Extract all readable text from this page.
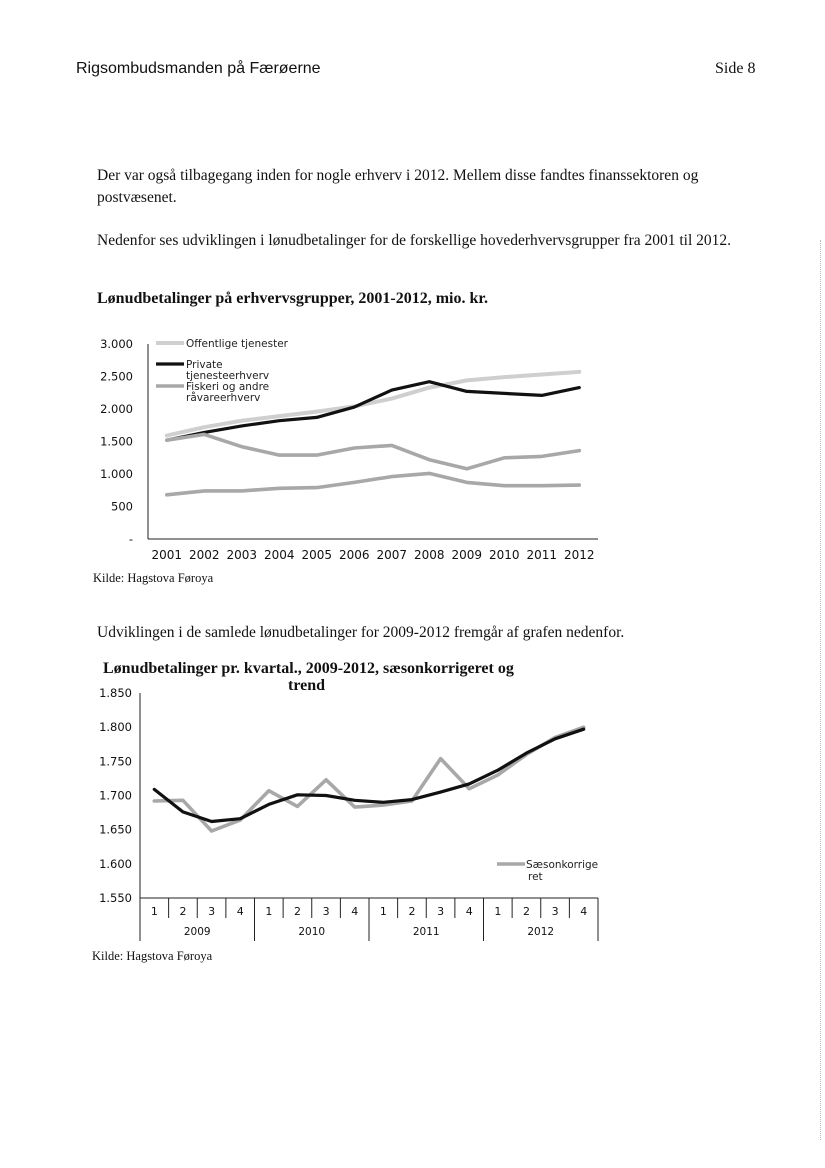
Rigsombudsmanden på Færøerne	Side 8

Der var også tilbagegang inden for nogle erhverv i 2012. Mellem disse fandtes finanssektoren og postvæsenet.

Nedenfor ses udviklingen i lønudbetalinger for de forskellige hovederhvervsgrupper fra 2001 til 2012.

Lønudbetalinger på erhvervsgrupper, 2001-2012, mio. kr.

-
500
1.000
1.500
2.000
2.500
3.000
2001 2002 2003 2004 2005 2006 2007 2008 2009 2010 2011 2012
Offentlige tjenester
Private
tjenesteerhverv
Fiskeri og andre
råvareerhverv
Kilde: Hagstova Føroya

Udviklingen i de samlede lønudbetalinger for 2009-2012 fremgår af grafen nedenfor.

Lønudbetalinger pr. kvartal., 2009-2012, sæsonkorrigeret og

trend

1.550
1.600
1.650
1.700
1.750
1.800
1.850
1 2 3 4 1 2 3 4 1 2 3 4 1 2 3 4
2009	2010	2011	2012
Sæsonkorrige
ret
Kilde: Hagstova Føroya
